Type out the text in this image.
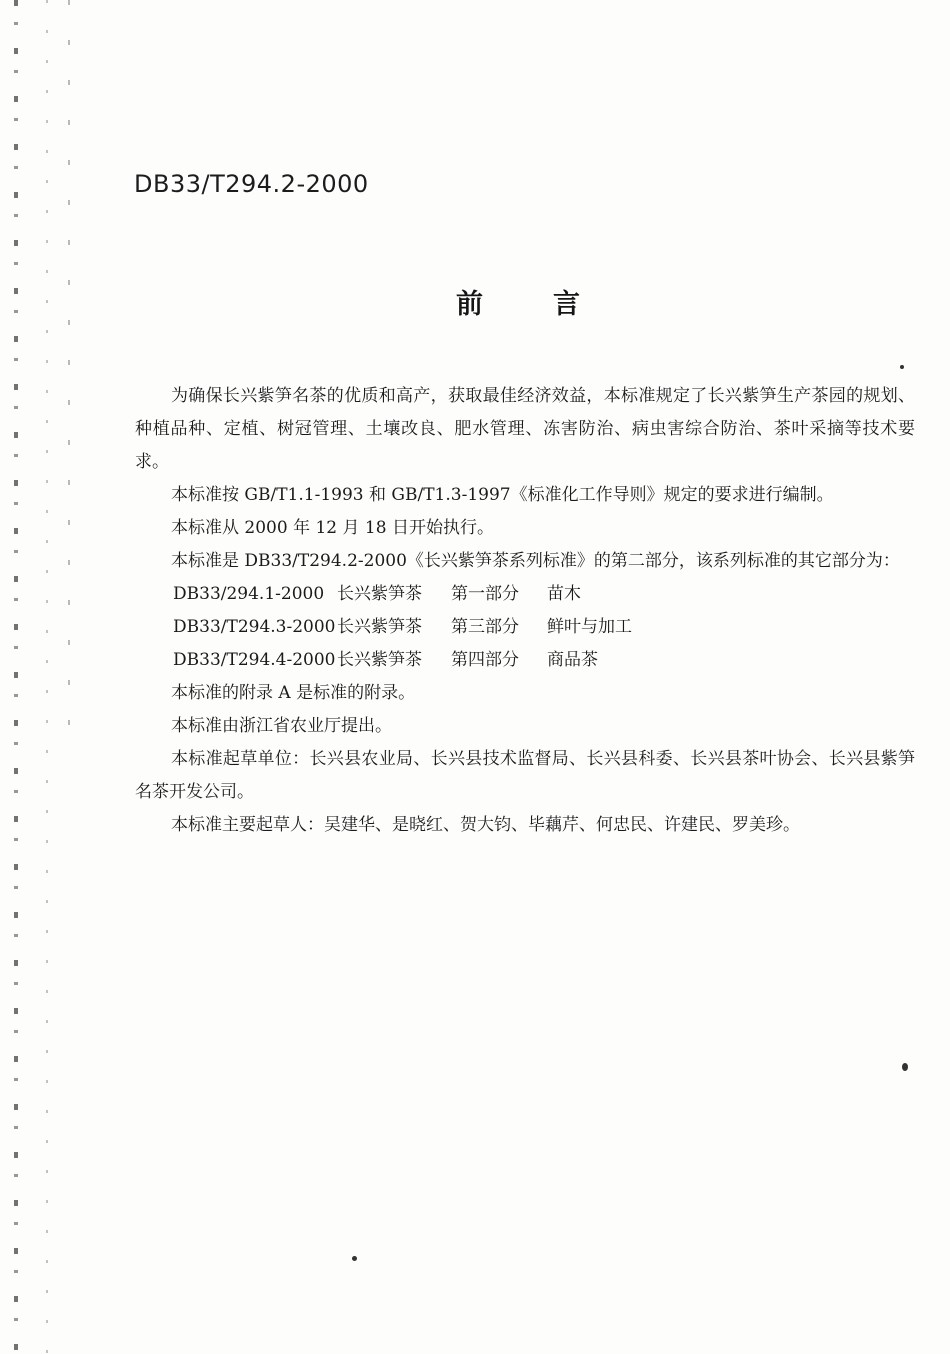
DB33/T294.2-2000
前言

为确保长兴紫笋名茶的优质和高产，获取最佳经济效益，本标准规定了长兴紫笋生产茶园的规划、种植品种、定植、树冠管理、土壤改良、肥水管理、冻害防治、病虫害综合防治、茶叶采摘等技术要求。

本标准按 GB/T1.1-1993 和 GB/T1.3-1997《标准化工作导则》规定的要求进行编制。

本标准从 2000 年 12 月 18 日开始执行。

本标准是 DB33/T294.2-2000《长兴紫笋茶系列标准》的第二部分，该系列标准的其它部分为：

DB33/294.1-2000 长兴紫笋茶 第一部分 苗木
DB33/T294.3-2000长兴紫笋茶 第三部分 鲜叶与加工
DB33/T294.4-2000长兴紫笋茶 第四部分 商品茶

本标准的附录 A 是标准的附录。

本标准由浙江省农业厅提出。

本标准起草单位：长兴县农业局、长兴县技术监督局、长兴县科委、长兴县茶叶协会、长兴县紫笋名茶开发公司。

本标准主要起草人：吴建华、是晓红、贺大钧、毕藕芹、何忠民、许建民、罗美珍。
